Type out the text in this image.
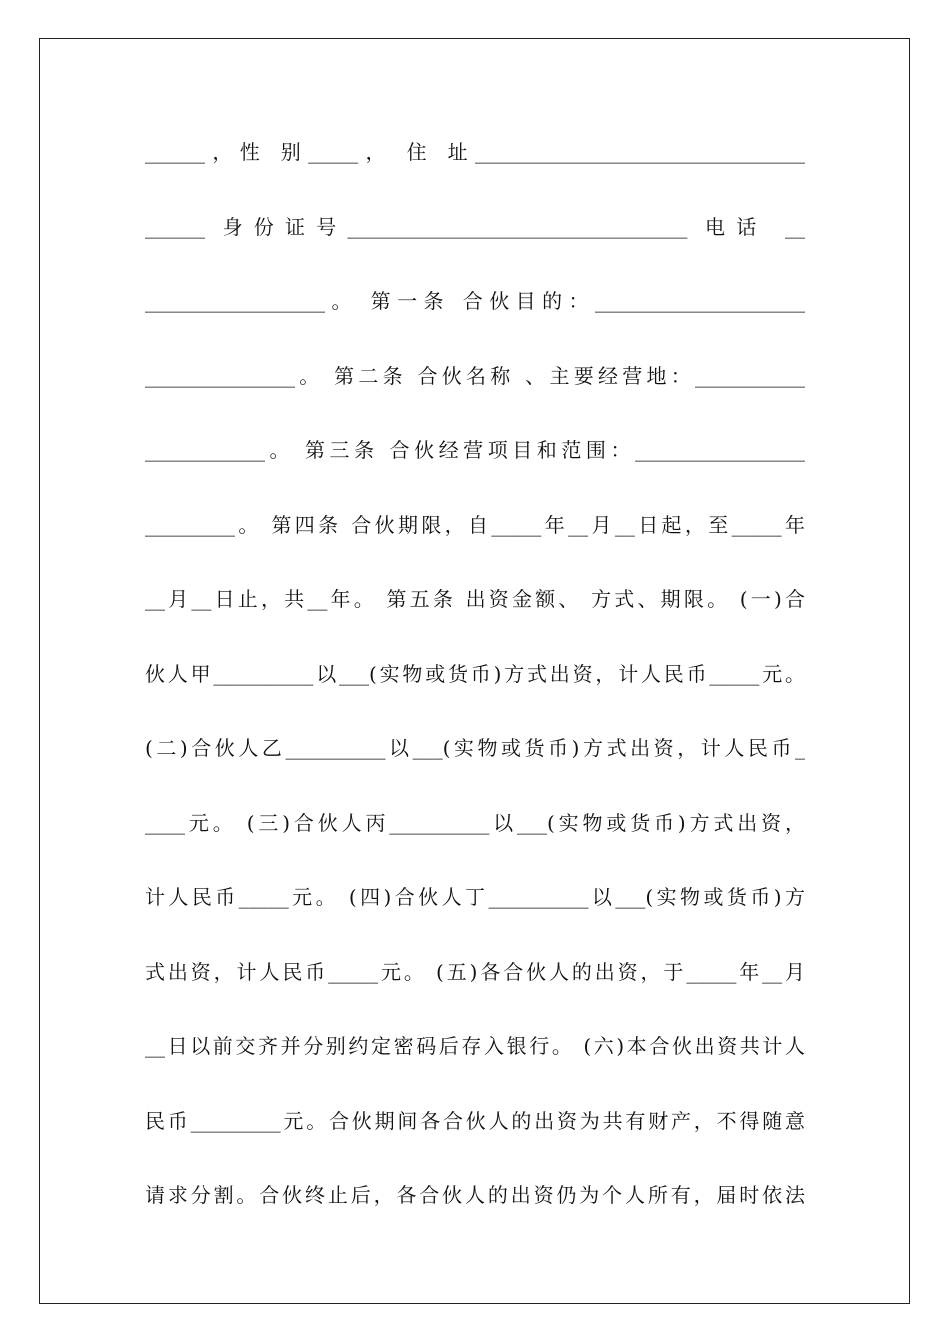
______，性 别_____， 住 址_________________________________
______ 身份证号__________________________________ 电话 __
__________________。 第一条 合伙目的：_____________________
_______________。 第二条 合伙名称 、主要经营地：___________
____________。 第三条 合伙经营项目和范围：_________________
_________。 第四条 合伙期限，自_____年__月__日起，至_____年
__月__日止，共__年。 第五条 出资金额、 方式、期限。 (一)合
伙人甲__________以___(实物或货币)方式出资，计人民币_____元。
(二)合伙人乙__________以___(实物或货币)方式出资，计人民币_
____元。 (三)合伙人丙__________以___(实物或货币)方式出资，
计人民币_____元。 (四)合伙人丁__________以___(实物或货币)方
式出资，计人民币_____元。 (五)各合伙人的出资，于_____年__月
__日以前交齐并分别约定密码后存入银行。 (六)本合伙出资共计人
民币_________元。合伙期间各合伙人的出资为共有财产，不得随意
请求分割。合伙终止后，各合伙人的出资仍为个人所有，届时依法
